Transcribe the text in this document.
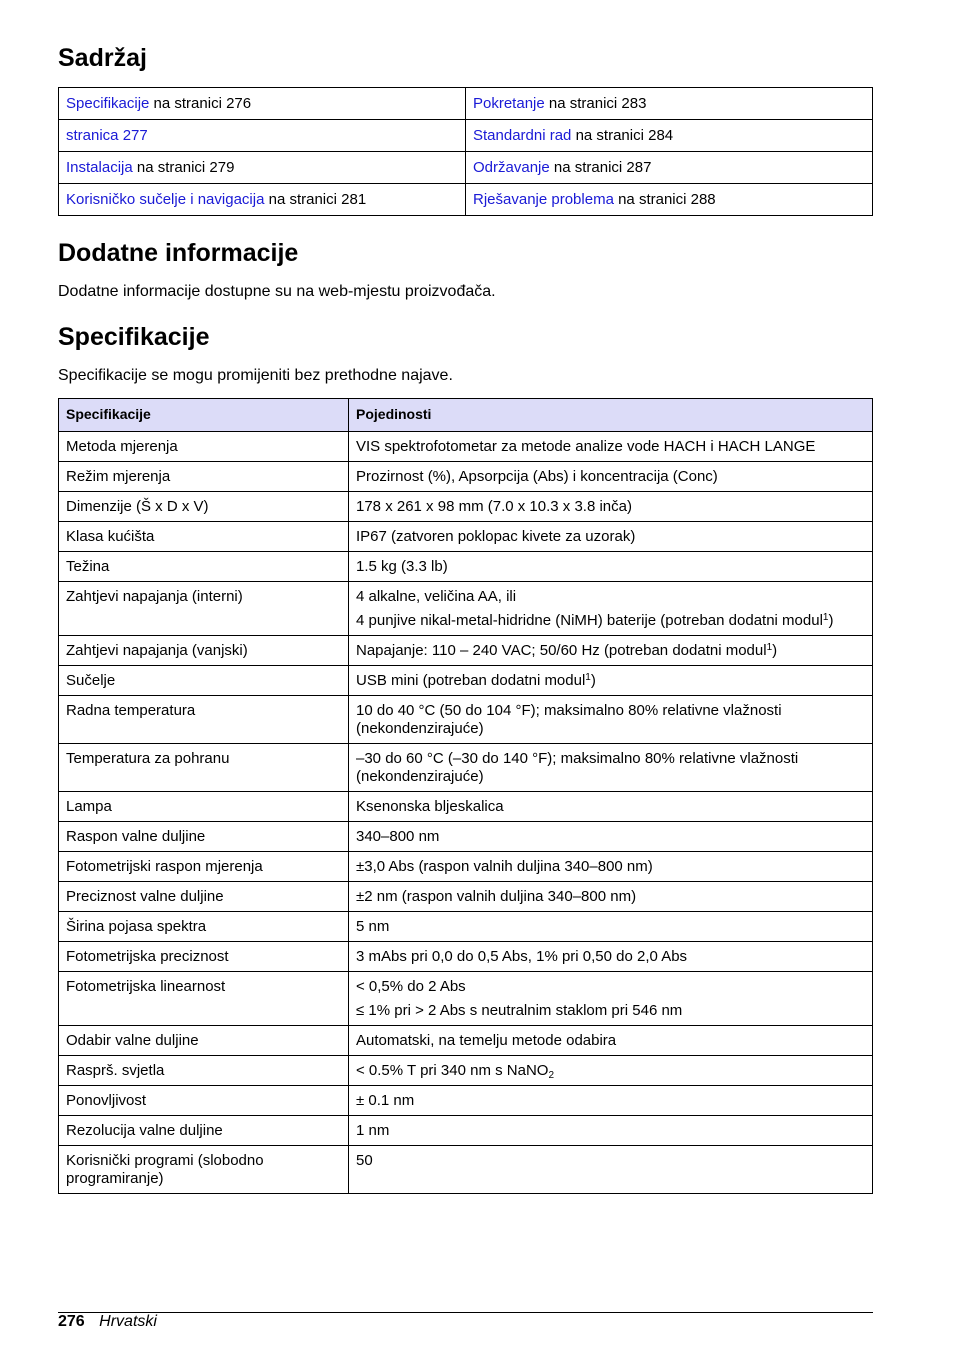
Sadržaj
Specifikacije na stranici 276	Pokretanje na stranici 283
stranica 277	Standardni rad na stranici 284
Instalacija na stranici 279	Održavanje na stranici 287
Korisničko sučelje i navigacija na stranici 281	Rješavanje problema na stranici 288
Dodatne informacije

Dodatne informacije dostupne su na web-mjestu proizvođača.

Specifikacije

Specifikacije se mogu promijeniti bez prethodne najave.

Specifikacije	Pojedinosti
Metoda mjerenja	VIS spektrofotometar za metode analize vode HACH i HACH LANGE

Režim mjerenja	Prozirnost (%), Apsorpcija (Abs) i koncentracija (Conc)

Dimenzije (Š x D x V)	178 x 261 x 98 mm (7.0 x 10.3 x 3.8 inča)

Klasa kućišta	IP67 (zatvoren poklopac kivete za uzorak)

Težina	1.5 kg (3.3 lb)

Zahtjevi napajanja (interni)	4 alkalne, veličina AA, ili
4 punjive nikal-metal-hidridne (NiMH) baterije (potreban dodatni modul$^1$)

Zahtjevi napajanja (vanjski)	Napajanje: 110 – 240 VAC; 50/60 Hz (potreban dodatni modul$^1$)

Sučelje	USB mini (potreban dodatni modul$^1$)

Radna temperatura	10 do 40 °C (50 do 104 °F); maksimalno 80% relativne vlažnosti (nekondenzirajuće)

Temperatura za pohranu	–30 do 60 °C (–30 do 140 °F); maksimalno 80% relativne vlažnosti (nekondenzirajuće)

Lampa	Ksenonska bljeskalica

Raspon valne duljine	340–800 nm

Fotometrijski raspon mjerenja	±3,0 Abs (raspon valnih duljina 340–800 nm)

Preciznost valne duljine	±2 nm (raspon valnih duljina 340–800 nm)

Širina pojasa spektra	5 nm

Fotometrijska preciznost	3 mAbs pri 0,0 do 0,5 Abs, 1% pri 0,50 do 2,0 Abs

Fotometrijska linearnost	< 0,5% do 2 Abs
≤ 1% pri > 2 Abs s neutralnim staklom pri 546 nm

Odabir valne duljine	Automatski, na temelju metode odabira

Rasprš. svjetla	< 0.5% T pri 340 nm s NaNO$_2$

Ponovljivost	± 0.1 nm

Rezolucija valne duljine	1 nm

Korisnički programi (slobodno programiranje)	50
276 Hrvatski
